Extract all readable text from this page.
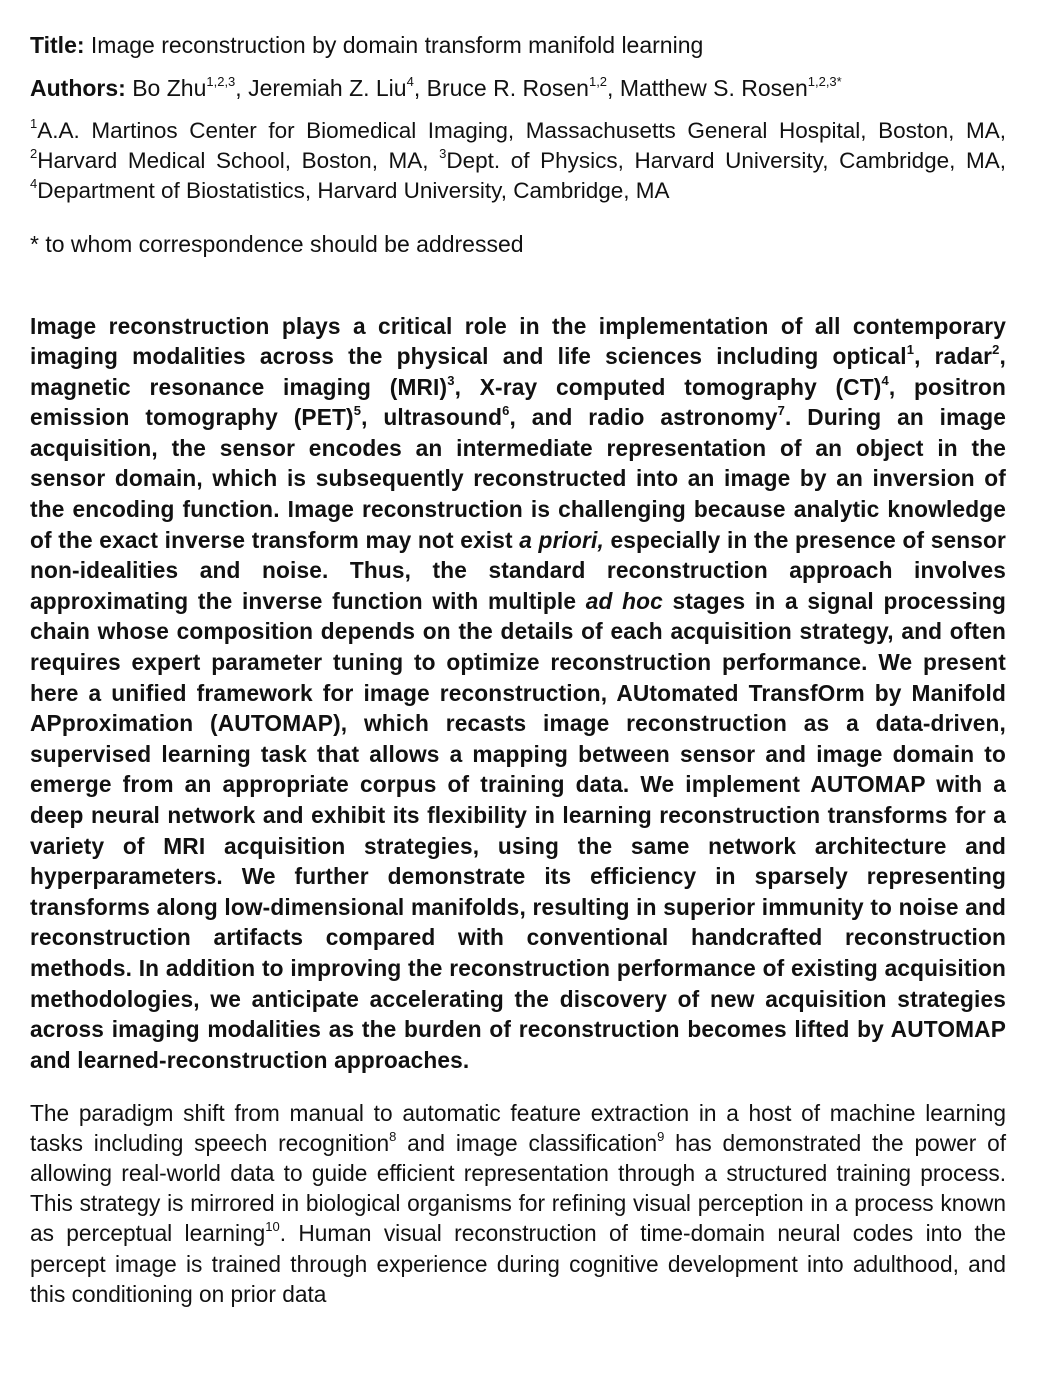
Title: Image reconstruction by domain transform manifold learning

Authors: Bo Zhu$^{1,2,3}$, Jeremiah Z. Liu$^4$, Bruce R. Rosen$^{1,2}$, Matthew S. Rosen$^{1,2,3*}$

$^1$A.A. Martinos Center for Biomedical Imaging, Massachusetts General Hospital, Boston, MA, $^2$Harvard Medical School, Boston, MA, $^3$Dept. of Physics, Harvard University, Cambridge, MA, $^4$Department of Biostatistics, Harvard University, Cambridge, MA

* to whom correspondence should be addressed

Image reconstruction plays a critical role in the implementation of all contemporary imaging modalities across the physical and life sciences including optical$^1$, radar$^2$, magnetic resonance imaging (MRI)$^3$, X-ray computed tomography (CT)$^4$, positron emission tomography (PET)$^5$, ultrasound$^6$, and radio astronomy$^7$. During an image acquisition, the sensor encodes an intermediate representation of an object in the sensor domain, which is subsequently reconstructed into an image by an inversion of the encoding function. Image reconstruction is challenging because analytic knowledge of the exact inverse transform may not exist a priori, especially in the presence of sensor non-idealities and noise. Thus, the standard reconstruction approach involves approximating the inverse function with multiple ad hoc stages in a signal processing chain whose composition depends on the details of each acquisition strategy, and often requires expert parameter tuning to optimize reconstruction performance. We present here a unified framework for image reconstruction, AUtomated TransfOrm by Manifold APproximation (AUTOMAP), which recasts image reconstruction as a data-driven, supervised learning task that allows a mapping between sensor and image domain to emerge from an appropriate corpus of training data. We implement AUTOMAP with a deep neural network and exhibit its flexibility in learning reconstruction transforms for a variety of MRI acquisition strategies, using the same network architecture and hyperparameters. We further demonstrate its efficiency in sparsely representing transforms along low-dimensional manifolds, resulting in superior immunity to noise and reconstruction artifacts compared with conventional handcrafted reconstruction methods. In addition to improving the reconstruction performance of existing acquisition methodologies, we anticipate accelerating the discovery of new acquisition strategies across imaging modalities as the burden of reconstruction becomes lifted by AUTOMAP and learned-reconstruction approaches.

The paradigm shift from manual to automatic feature extraction in a host of machine learning tasks including speech recognition$^8$ and image classification$^9$ has demonstrated the power of allowing real-world data to guide efficient representation through a structured training process. This strategy is mirrored in biological organisms for refining visual perception in a process known as perceptual learning$^{10}$. Human visual reconstruction of time-domain neural codes into the percept image is trained through experience during cognitive development into adulthood, and this conditioning on prior data
